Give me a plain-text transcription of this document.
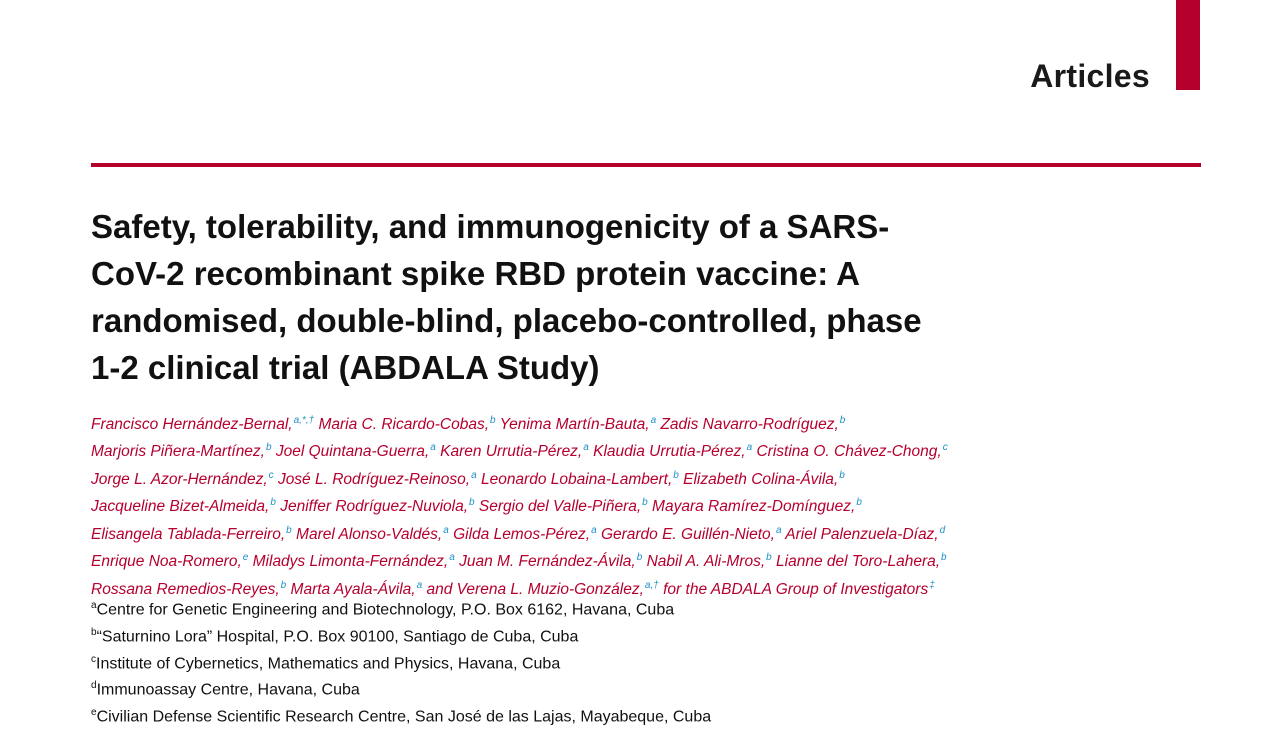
Articles
Safety, tolerability, and immunogenicity of a SARS-
CoV-2 recombinant spike RBD protein vaccine: A
randomised, double-blind, placebo-controlled, phase
1-2 clinical trial (ABDALA Study)
Francisco Hernández-Bernal,$^{a,*,\dagger}$ Maria C. Ricardo-Cobas,$^b$ Yenima Martín-Bauta,$^a$ Zadis Navarro-Rodríguez,$^b$
Marjoris Piñera-Martínez,$^b$ Joel Quintana-Guerra,$^a$ Karen Urrutia-Pérez,$^a$ Klaudia Urrutia-Pérez,$^a$ Cristina O. Chávez-Chong,$^c$
Jorge L. Azor-Hernández,$^c$ José L. Rodríguez-Reinoso,$^a$ Leonardo Lobaina-Lambert,$^b$ Elizabeth Colina-Ávila,$^b$
Jacqueline Bizet-Almeida,$^b$ Jeniffer Rodríguez-Nuviola,$^b$ Sergio del Valle-Piñera,$^b$ Mayara Ramírez-Domínguez,$^b$
Elisangela Tablada-Ferreiro,$^b$ Marel Alonso-Valdés,$^a$ Gilda Lemos-Pérez,$^a$ Gerardo E. Guillén-Nieto,$^a$ Ariel Palenzuela-Díaz,$^d$
Enrique Noa-Romero,$^e$ Miladys Limonta-Fernández,$^a$ Juan M. Fernández-Ávila,$^b$ Nabil A. Ali-Mros,$^b$ Lianne del Toro-Lahera,$^b$
Rossana Remedios-Reyes,$^b$ Marta Ayala-Ávila,$^a$ and Verena L. Muzio-González,$^{a,\dagger}$ for the ABDALA Group of Investigators‡
$^a$Centre for Genetic Engineering and Biotechnology, P.O. Box 6162, Havana, Cuba
$^b$“Saturnino Lora” Hospital, P.O. Box 90100, Santiago de Cuba, Cuba
$^c$Institute of Cybernetics, Mathematics and Physics, Havana, Cuba
$^d$Immunoassay Centre, Havana, Cuba
$^e$Civilian Defense Scientific Research Centre, San José de las Lajas, Mayabeque, Cuba
